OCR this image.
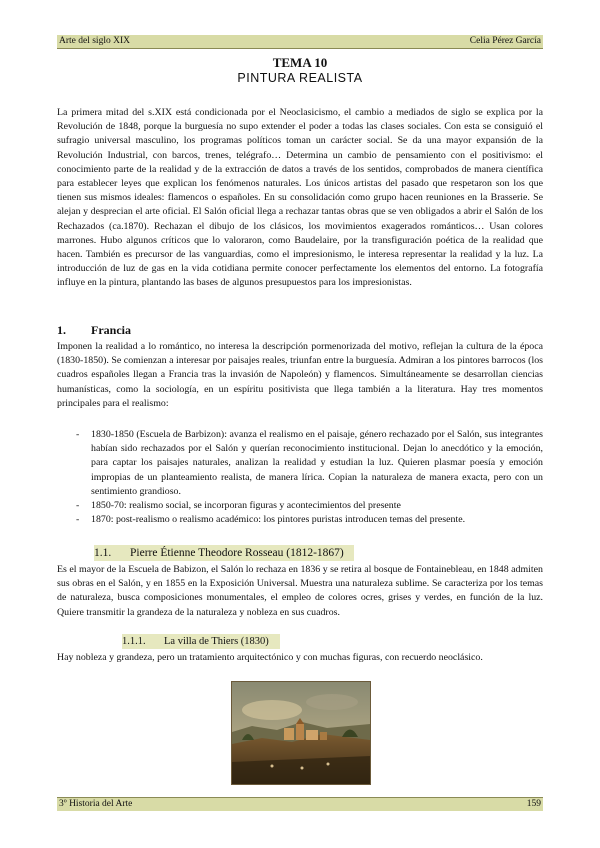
Arte del siglo XIX	Celia Pérez García
TEMA 10
PINTURA REALISTA

La primera mitad del s.XIX está condicionada por el Neoclasicismo, el cambio a mediados de siglo se explica por la Revolución de 1848, porque la burguesía no supo extender el poder a todas las clases sociales. Con esta se consiguió el sufragio universal masculino, los programas políticos toman un carácter social. Se da una mayor expansión de la Revolución Industrial, con barcos, trenes, telégrafo… Determina un cambio de pensamiento con el positivismo: el conocimiento parte de la realidad y de la extracción de datos a través de los sentidos, comprobados de manera científica para establecer leyes que explican los fenómenos naturales. Los únicos artistas del pasado que respetaron son los que tienen sus mismos ideales: flamencos o españoles. En su consolidación como grupo hacen reuniones en la Brasserie. Se alejan y desprecian el arte oficial. El Salón oficial llega a rechazar tantas obras que se ven obligados a abrir el Salón de los Rechazados (ca.1870). Rechazan el dibujo de los clásicos, los movimientos exagerados románticos… Usan colores marrones. Hubo algunos críticos que lo valoraron, como Baudelaire, por la transfiguración poética de la realidad que hacen. También es precursor de las vanguardias, como el impresionismo, le interesa representar la realidad y la luz. La introducción de luz de gas en la vida cotidiana permite conocer perfectamente los elementos del entorno. La fotografía influye en la pintura, plantando las bases de algunos presupuestos para los impresionistas.

1. Francia

Imponen la realidad a lo romántico, no interesa la descripción pormenorizada del motivo, reflejan la cultura de la época (1830-1850). Se comienzan a interesar por paisajes reales, triunfan entre la burguesía. Admiran a los pintores barrocos (los cuadros españoles llegan a Francia tras la invasión de Napoleón) y flamencos. Simultáneamente se desarrollan ciencias humanísticas, como la sociología, en un espíritu positivista que llega también a la literatura. Hay tres momentos principales para el realismo:

- 1830-1850 (Escuela de Barbizon): avanza el realismo en el paisaje, género rechazado por el Salón, sus integrantes habían sido rechazados por el Salón y querían reconocimiento institucional. Dejan lo anecdótico y la emoción, para captar los paisajes naturales, analizan la realidad y estudian la luz. Quieren plasmar poesía y emoción impropias de un planteamiento realista, de manera lírica. Copian la naturaleza de manera exacta, pero con un sentimiento grandioso.
- 1850-70: realismo social, se incorporan figuras y acontecimientos del presente
- 1870: post-realismo o realismo académico: los pintores puristas introducen temas del presente.
1.1. Pierre Étienne Theodore Rosseau (1812-1867)

Es el mayor de la Escuela de Babizon, el Salón lo rechaza en 1836 y se retira al bosque de Fontainebleau, en 1848 admiten sus obras en el Salón, y en 1855 en la Exposición Universal. Muestra una naturaleza sublime. Se caracteriza por los temas de naturaleza, busca composiciones monumentales, el empleo de colores ocres, grises y verdes, en función de la luz. Quiere transmitir la grandeza de la naturaleza y nobleza en sus cuadros.

1.1.1. La villa de Thiers (1830)

Hay nobleza y grandeza, pero un tratamiento arquitectónico y con muchas figuras, con recuerdo neoclásico.

3º Historia del Arte	159
